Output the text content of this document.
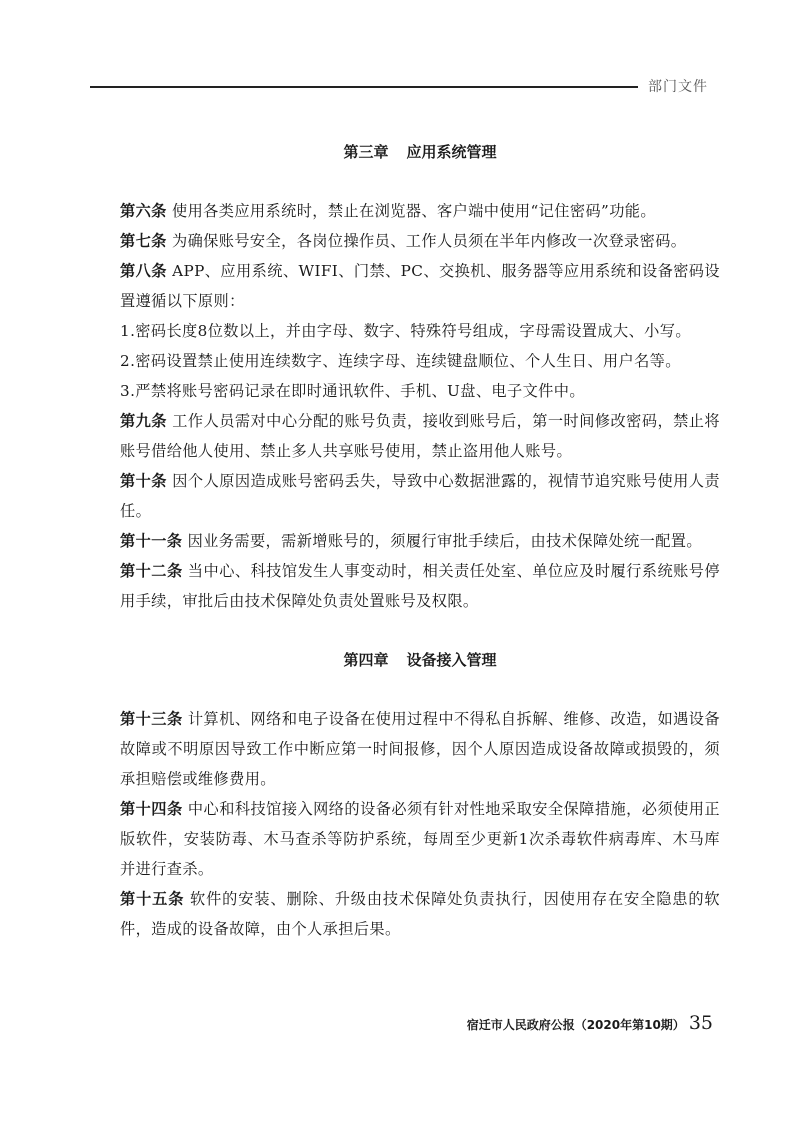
部门文件

第三章 应用系统管理

第六条 使用各类应用系统时，禁止在浏览器、客户端中使用“记住密码”功能。

第七条 为确保账号安全，各岗位操作员、工作人员须在半年内修改一次登录密码。

第八条 APP、应用系统、WIFI、门禁、PC、交换机、服务器等应用系统和设备密码设置遵循以下原则：

1.密码长度8位数以上，并由字母、数字、特殊符号组成，字母需设置成大、小写。

2.密码设置禁止使用连续数字、连续字母、连续键盘顺位、个人生日、用户名等。

3.严禁将账号密码记录在即时通讯软件、手机、U盘、电子文件中。

第九条 工作人员需对中心分配的账号负责，接收到账号后，第一时间修改密码，禁止将账号借给他人使用、禁止多人共享账号使用，禁止盗用他人账号。

第十条 因个人原因造成账号密码丢失，导致中心数据泄露的，视情节追究账号使用人责任。

第十一条 因业务需要，需新增账号的，须履行审批手续后，由技术保障处统一配置。

第十二条 当中心、科技馆发生人事变动时，相关责任处室、单位应及时履行系统账号停用手续，审批后由技术保障处负责处置账号及权限。

第四章 设备接入管理

第十三条 计算机、网络和电子设备在使用过程中不得私自拆解、维修、改造，如遇设备故障或不明原因导致工作中断应第一时间报修，因个人原因造成设备故障或损毁的，须承担赔偿或维修费用。

第十四条 中心和科技馆接入网络的设备必须有针对性地采取安全保障措施，必须使用正版软件，安装防毒、木马查杀等防护系统，每周至少更新1次杀毒软件病毒库、木马库并进行查杀。

第十五条 软件的安装、删除、升级由技术保障处负责执行，因使用存在安全隐患的软件，造成的设备故障，由个人承担后果。

宿迁市人民政府公报（2020年第10期） 35
